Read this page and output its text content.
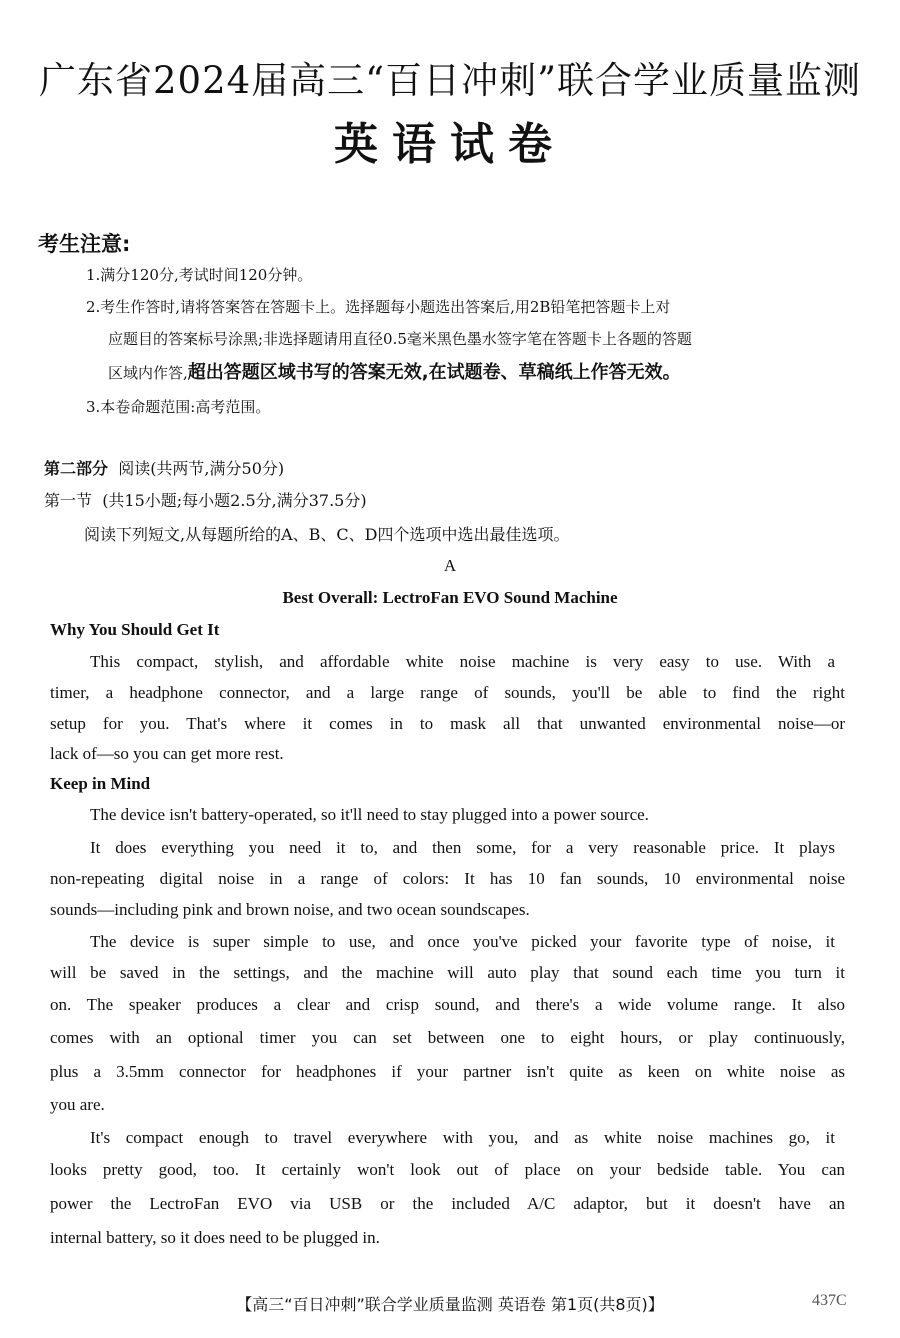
广东省2024届高三“百日冲刺”联合学业质量监测
英语试卷
考生注意:
1.满分120分,考试时间120分钟。
2.考生作答时,请将答案答在答题卡上。选择题每小题选出答案后,用2B铅笔把答题卡上对
应题目的答案标号涂黑;非选择题请用直径0.5毫米黑色墨水签字笔在答题卡上各题的答题
区域内作答,超出答题区域书写的答案无效,在试题卷、草稿纸上作答无效。
3.本卷命题范围:高考范围。
第二部分 阅读(共两节,满分50分)
第一节 (共15小题;每小题2.5分,满分37.5分)
阅读下列短文,从每题所给的A、B、C、D四个选项中选出最佳选项。
A
Best Overall: LectroFan EVO Sound Machine
Why You Should Get It
This compact, stylish, and affordable white noise machine is very easy to use. With a
timer, a headphone connector, and a large range of sounds, you'll be able to find the right
setup for you. That's where it comes in to mask all that unwanted environmental noise—or
lack of—so you can get more rest.
Keep in Mind
The device isn't battery-operated, so it'll need to stay plugged into a power source.
It does everything you need it to, and then some, for a very reasonable price. It plays
non-repeating digital noise in a range of colors: It has 10 fan sounds, 10 environmental noise
sounds—including pink and brown noise, and two ocean soundscapes.
The device is super simple to use, and once you've picked your favorite type of noise, it
will be saved in the settings, and the machine will auto play that sound each time you turn it
on. The speaker produces a clear and crisp sound, and there's a wide volume range. It also
comes with an optional timer you can set between one to eight hours, or play continuously,
plus a 3.5mm connector for headphones if your partner isn't quite as keen on white noise as
you are.
It's compact enough to travel everywhere with you, and as white noise machines go, it
looks pretty good, too. It certainly won't look out of place on your bedside table. You can
power the LectroFan EVO via USB or the included A/C adaptor, but it doesn't have an
internal battery, so it does need to be plugged in.
【高三“百日冲刺”联合学业质量监测 英语卷 第1页(共8页)】	437C
